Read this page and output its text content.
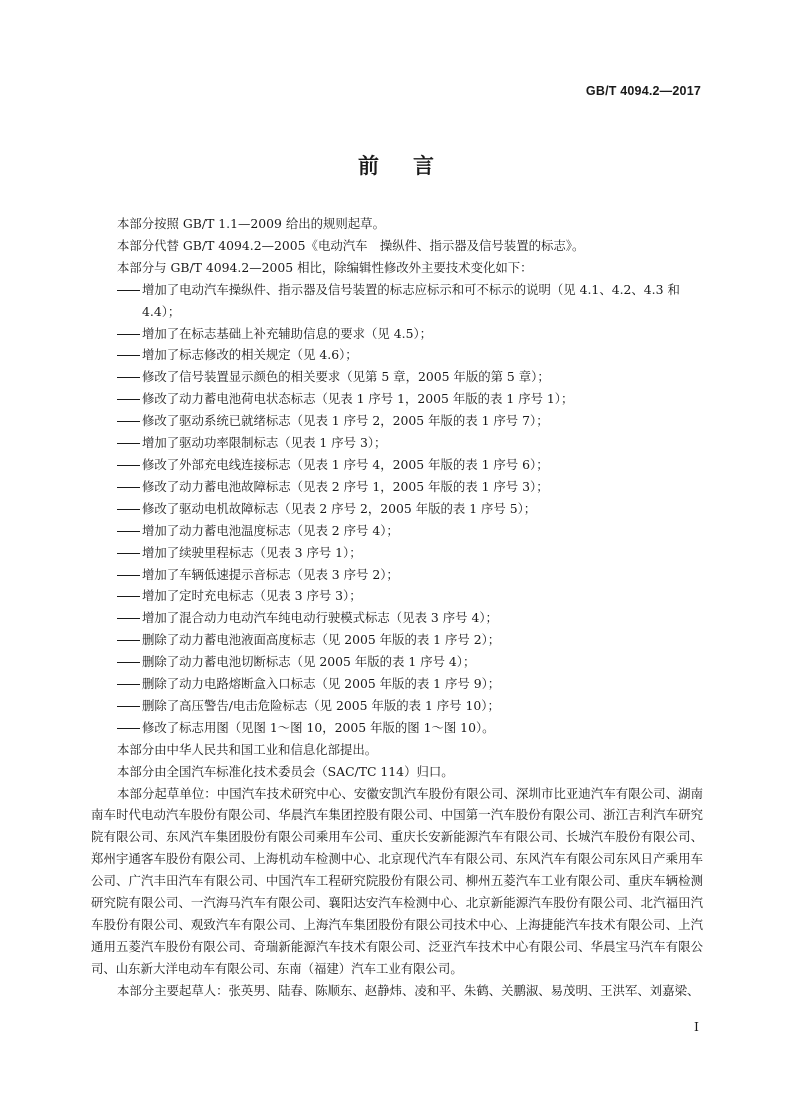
GB/T 4094.2—2017
前言

本部分按照 GB/T 1.1—2009 给出的规则起草。

本部分代替 GB/T 4094.2—2005《电动汽车　操纵件、指示器及信号装置的标志》。

本部分与 GB/T 4094.2—2005 相比，除编辑性修改外主要技术变化如下：

增加了电动汽车操纵件、指示器及信号装置的标志应标示和可不标示的说明（见 4.1、4.2、4.3 和 4.4）；

增加了在标志基础上补充辅助信息的要求（见 4.5）；

增加了标志修改的相关规定（见 4.6）；

修改了信号装置显示颜色的相关要求（见第 5 章，2005 年版的第 5 章）；

修改了动力蓄电池荷电状态标志（见表 1 序号 1，2005 年版的表 1 序号 1）；

修改了驱动系统已就绪标志（见表 1 序号 2，2005 年版的表 1 序号 7）；

增加了驱动功率限制标志（见表 1 序号 3）；

修改了外部充电线连接标志（见表 1 序号 4，2005 年版的表 1 序号 6）；

修改了动力蓄电池故障标志（见表 2 序号 1，2005 年版的表 1 序号 3）；

修改了驱动电机故障标志（见表 2 序号 2，2005 年版的表 1 序号 5）；

增加了动力蓄电池温度标志（见表 2 序号 4）；

增加了续驶里程标志（见表 3 序号 1）；

增加了车辆低速提示音标志（见表 3 序号 2）；

增加了定时充电标志（见表 3 序号 3）；

增加了混合动力电动汽车纯电动行驶模式标志（见表 3 序号 4）；

删除了动力蓄电池液面高度标志（见 2005 年版的表 1 序号 2）；

删除了动力蓄电池切断标志（见 2005 年版的表 1 序号 4）；

删除了动力电路熔断盒入口标志（见 2005 年版的表 1 序号 9）；

删除了高压警告/电击危险标志（见 2005 年版的表 1 序号 10）；

修改了标志用图（见图 1～图 10，2005 年版的图 1～图 10）。

本部分由中华人民共和国工业和信息化部提出。

本部分由全国汽车标准化技术委员会（SAC/TC 114）归口。

本部分起草单位：中国汽车技术研究中心、安徽安凯汽车股份有限公司、深圳市比亚迪汽车有限公司、湖南南车时代电动汽车股份有限公司、华晨汽车集团控股有限公司、中国第一汽车股份有限公司、浙江吉利汽车研究院有限公司、东风汽车集团股份有限公司乘用车公司、重庆长安新能源汽车有限公司、长城汽车股份有限公司、郑州宇通客车股份有限公司、上海机动车检测中心、北京现代汽车有限公司、东风汽车有限公司东风日产乘用车公司、广汽丰田汽车有限公司、中国汽车工程研究院股份有限公司、柳州五菱汽车工业有限公司、重庆车辆检测研究院有限公司、一汽海马汽车有限公司、襄阳达安汽车检测中心、北京新能源汽车股份有限公司、北汽福田汽车股份有限公司、观致汽车有限公司、上海汽车集团股份有限公司技术中心、上海捷能汽车技术有限公司、上汽通用五菱汽车股份有限公司、奇瑞新能源汽车技术有限公司、泛亚汽车技术中心有限公司、华晨宝马汽车有限公司、山东新大洋电动车有限公司、东南（福建）汽车工业有限公司。

本部分主要起草人：张英男、陆春、陈顺东、赵静炜、凌和平、朱鹤、关鹏淑、易茂明、王洪军、刘嘉梁、

I
